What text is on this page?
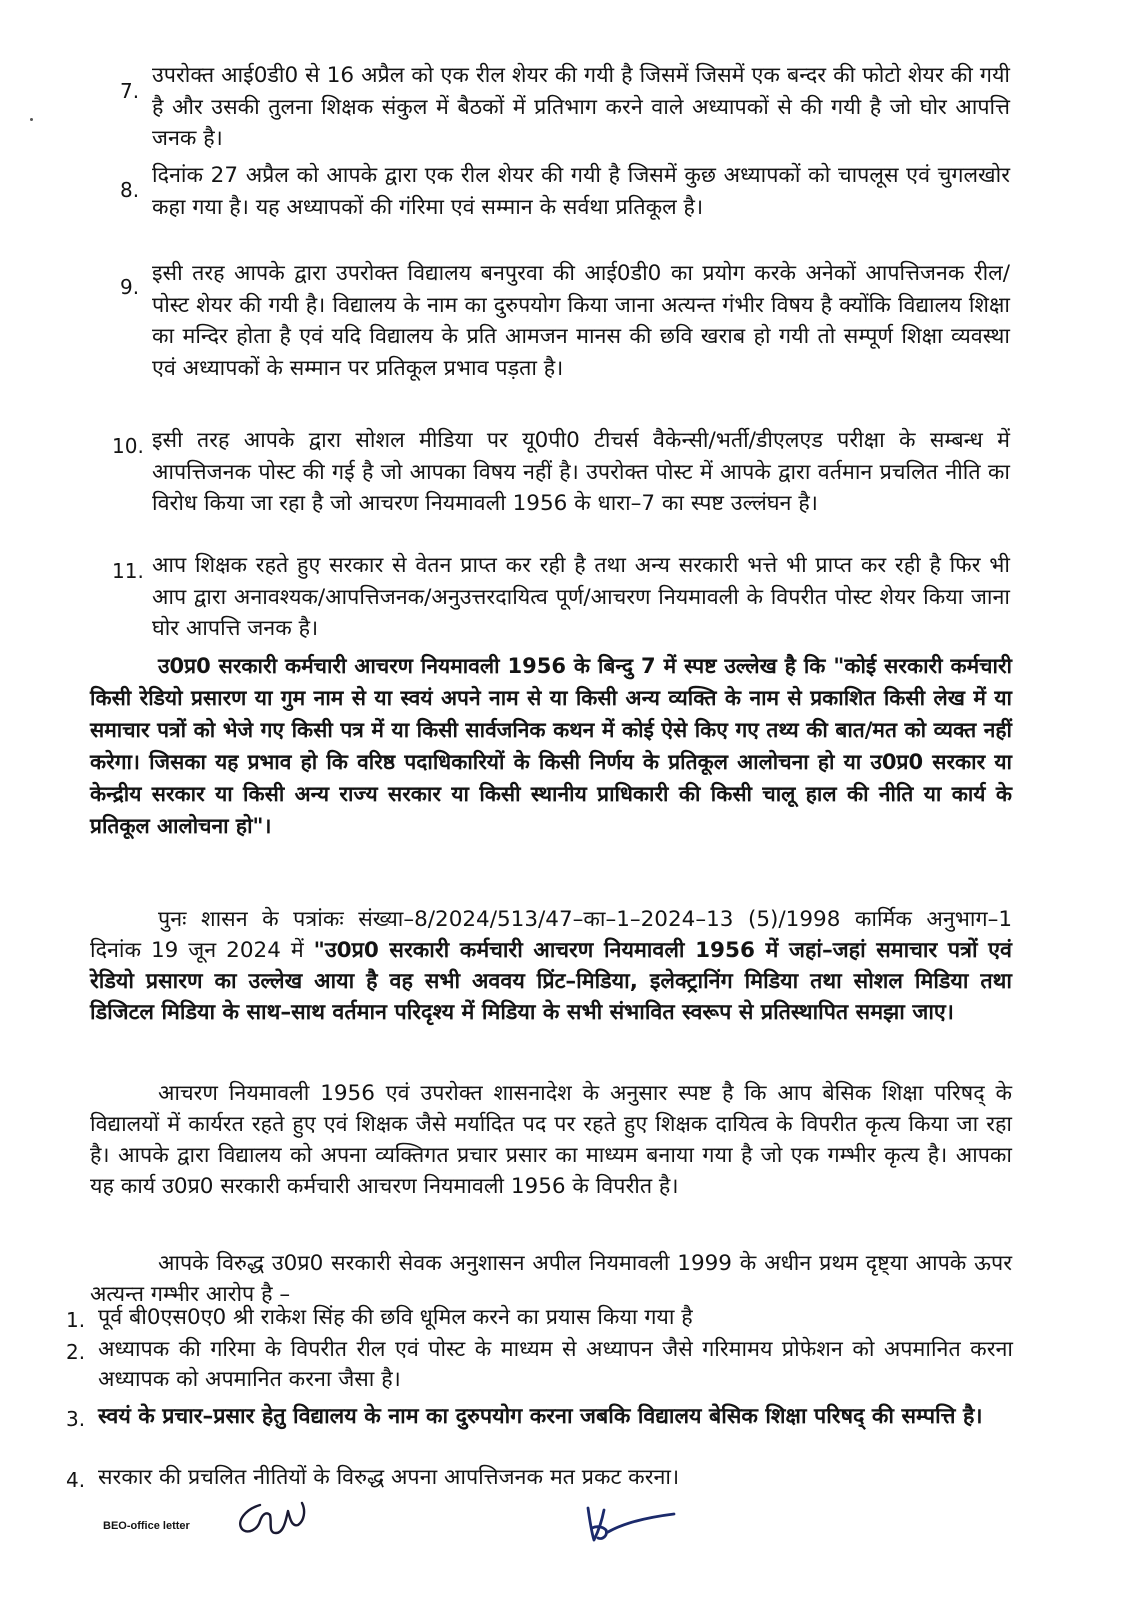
7.
उपरोक्त आई0डी0 से 16 अप्रैल को एक रील शेयर की गयी है जिसमें जिसमें एक बन्दर की फोटो शेयर की गयी है और उसकी तुलना शिक्षक संकुल में बैठकों में प्रतिभाग करने वाले अध्यापकों से की गयी है जो घोर आपत्ति जनक है।
8.
दिनांक 27 अप्रैल को आपके द्वारा एक रील शेयर की गयी है जिसमें कुछ अध्यापकों को चापलूस एवं चुगलखोर कहा गया है। यह अध्यापकों की गंरिमा एवं सम्मान के सर्वथा प्रतिकूल है।
9.
इसी तरह आपके द्वारा उपरोक्त विद्यालय बनपुरवा की आई0डी0 का प्रयोग करके अनेकों आपत्तिजनक रील/पोस्ट शेयर की गयी है। विद्यालय के नाम का दुरुपयोग किया जाना अत्यन्त गंभीर विषय है क्योंकि विद्यालय शिक्षा का मन्दिर होता है एवं यदि विद्यालय के प्रति आमजन मानस की छवि खराब हो गयी तो सम्पूर्ण शिक्षा व्यवस्था एवं अध्यापकों के सम्मान पर प्रतिकूल प्रभाव पड़ता है।
10. इसी तरह आपके द्वारा सोशल मीडिया पर यू0पी0 टीचर्स वैकेन्सी/भर्ती/डीएलएड परीक्षा के सम्बन्ध में आपत्तिजनक पोस्ट की गई है जो आपका विषय नहीं है। उपरोक्त पोस्ट में आपके द्वारा वर्तमान प्रचलित नीति का विरोध किया जा रहा है जो आचरण नियमावली 1956 के धारा–7 का स्पष्ट उल्लंघन है।
11. आप शिक्षक रहते हुए सरकार से वेतन प्राप्त कर रही है तथा अन्य सरकारी भत्ते भी प्राप्त कर रही है फिर भी आप द्वारा अनावश्यक/आपत्तिजनक/अनुउत्तरदायित्व पूर्ण/आचरण नियमावली के विपरीत पोस्ट शेयर किया जाना घोर आपत्ति जनक है।
उ0प्र0 सरकारी कर्मचारी आचरण नियमावली 1956 के बिन्दु 7 में स्पष्ट उल्लेख है कि "कोई सरकारी कर्मचारी किसी रेडियो प्रसारण या गुम नाम से या स्वयं अपने नाम से या किसी अन्य व्यक्ति के नाम से प्रकाशित किसी लेख में या समाचार पत्रों को भेजे गए किसी पत्र में या किसी सार्वजनिक कथन में कोई ऐसे किए गए तथ्य की बात/मत को व्यक्त नहीं करेगा। जिसका यह प्रभाव हो कि वरिष्ठ पदाधिकारियों के किसी निर्णय के प्रतिकूल आलोचना हो या उ0प्र0 सरकार या केन्द्रीय सरकार या किसी अन्य राज्य सरकार या किसी स्थानीय प्राधिकारी की किसी चालू हाल की नीति या कार्य के प्रतिकूल आलोचना हो"।
पुनः शासन के पत्रांकः संख्या–8/2024/513/47–का–1–2024–13 (5)/1998 कार्मिक अनुभाग–1 दिनांक 19 जून 2024 में "उ0प्र0 सरकारी कर्मचारी आचरण नियमावली 1956 में जहां–जहां समाचार पत्रों एवं रेडियो प्रसारण का उल्लेख आया है वह सभी अववय प्रिंट–मिडिया, इलेक्ट्रानिंग मिडिया तथा सोशल मिडिया तथा डिजिटल मिडिया के साथ–साथ वर्तमान परिदृश्य में मिडिया के सभी संभावित स्वरूप से प्रतिस्थापित समझा जाए।
आचरण नियमावली 1956 एवं उपरोक्त शासनादेश के अनुसार स्पष्ट है कि आप बेसिक शिक्षा परिषद् के विद्यालयों में कार्यरत रहते हुए एवं शिक्षक जैसे मर्यादित पद पर रहते हुए शिक्षक दायित्व के विपरीत कृत्य किया जा रहा है। आपके द्वारा विद्यालय को अपना व्यक्तिगत प्रचार प्रसार का माध्यम बनाया गया है जो एक गम्भीर कृत्य है। आपका यह कार्य उ0प्र0 सरकारी कर्मचारी आचरण नियमावली 1956 के विपरीत है।
आपके विरुद्ध उ0प्र0 सरकारी सेवक अनुशासन अपील नियमावली 1999 के अधीन प्रथम दृष्ट्या आपके ऊपर अत्यन्त गम्भीर आरोप है –
1. पूर्व बी0एस0ए0 श्री राकेश सिंह की छवि धूमिल करने का प्रयास किया गया है
2. अध्यापक की गरिमा के विपरीत रील एवं पोस्ट के माध्यम से अध्यापन जैसे गरिमामय प्रोफेशन को अपमानित करना अध्यापक को अपमानित करना जैसा है।
3. स्वयं के प्रचार–प्रसार हेतु विद्यालय के नाम का दुरुपयोग करना जबकि विद्यालय बेसिक शिक्षा परिषद् की सम्पत्ति है।
4. सरकार की प्रचलित नीतियों के विरुद्ध अपना आपत्तिजनक मत प्रकट करना।
BEO-office letter
